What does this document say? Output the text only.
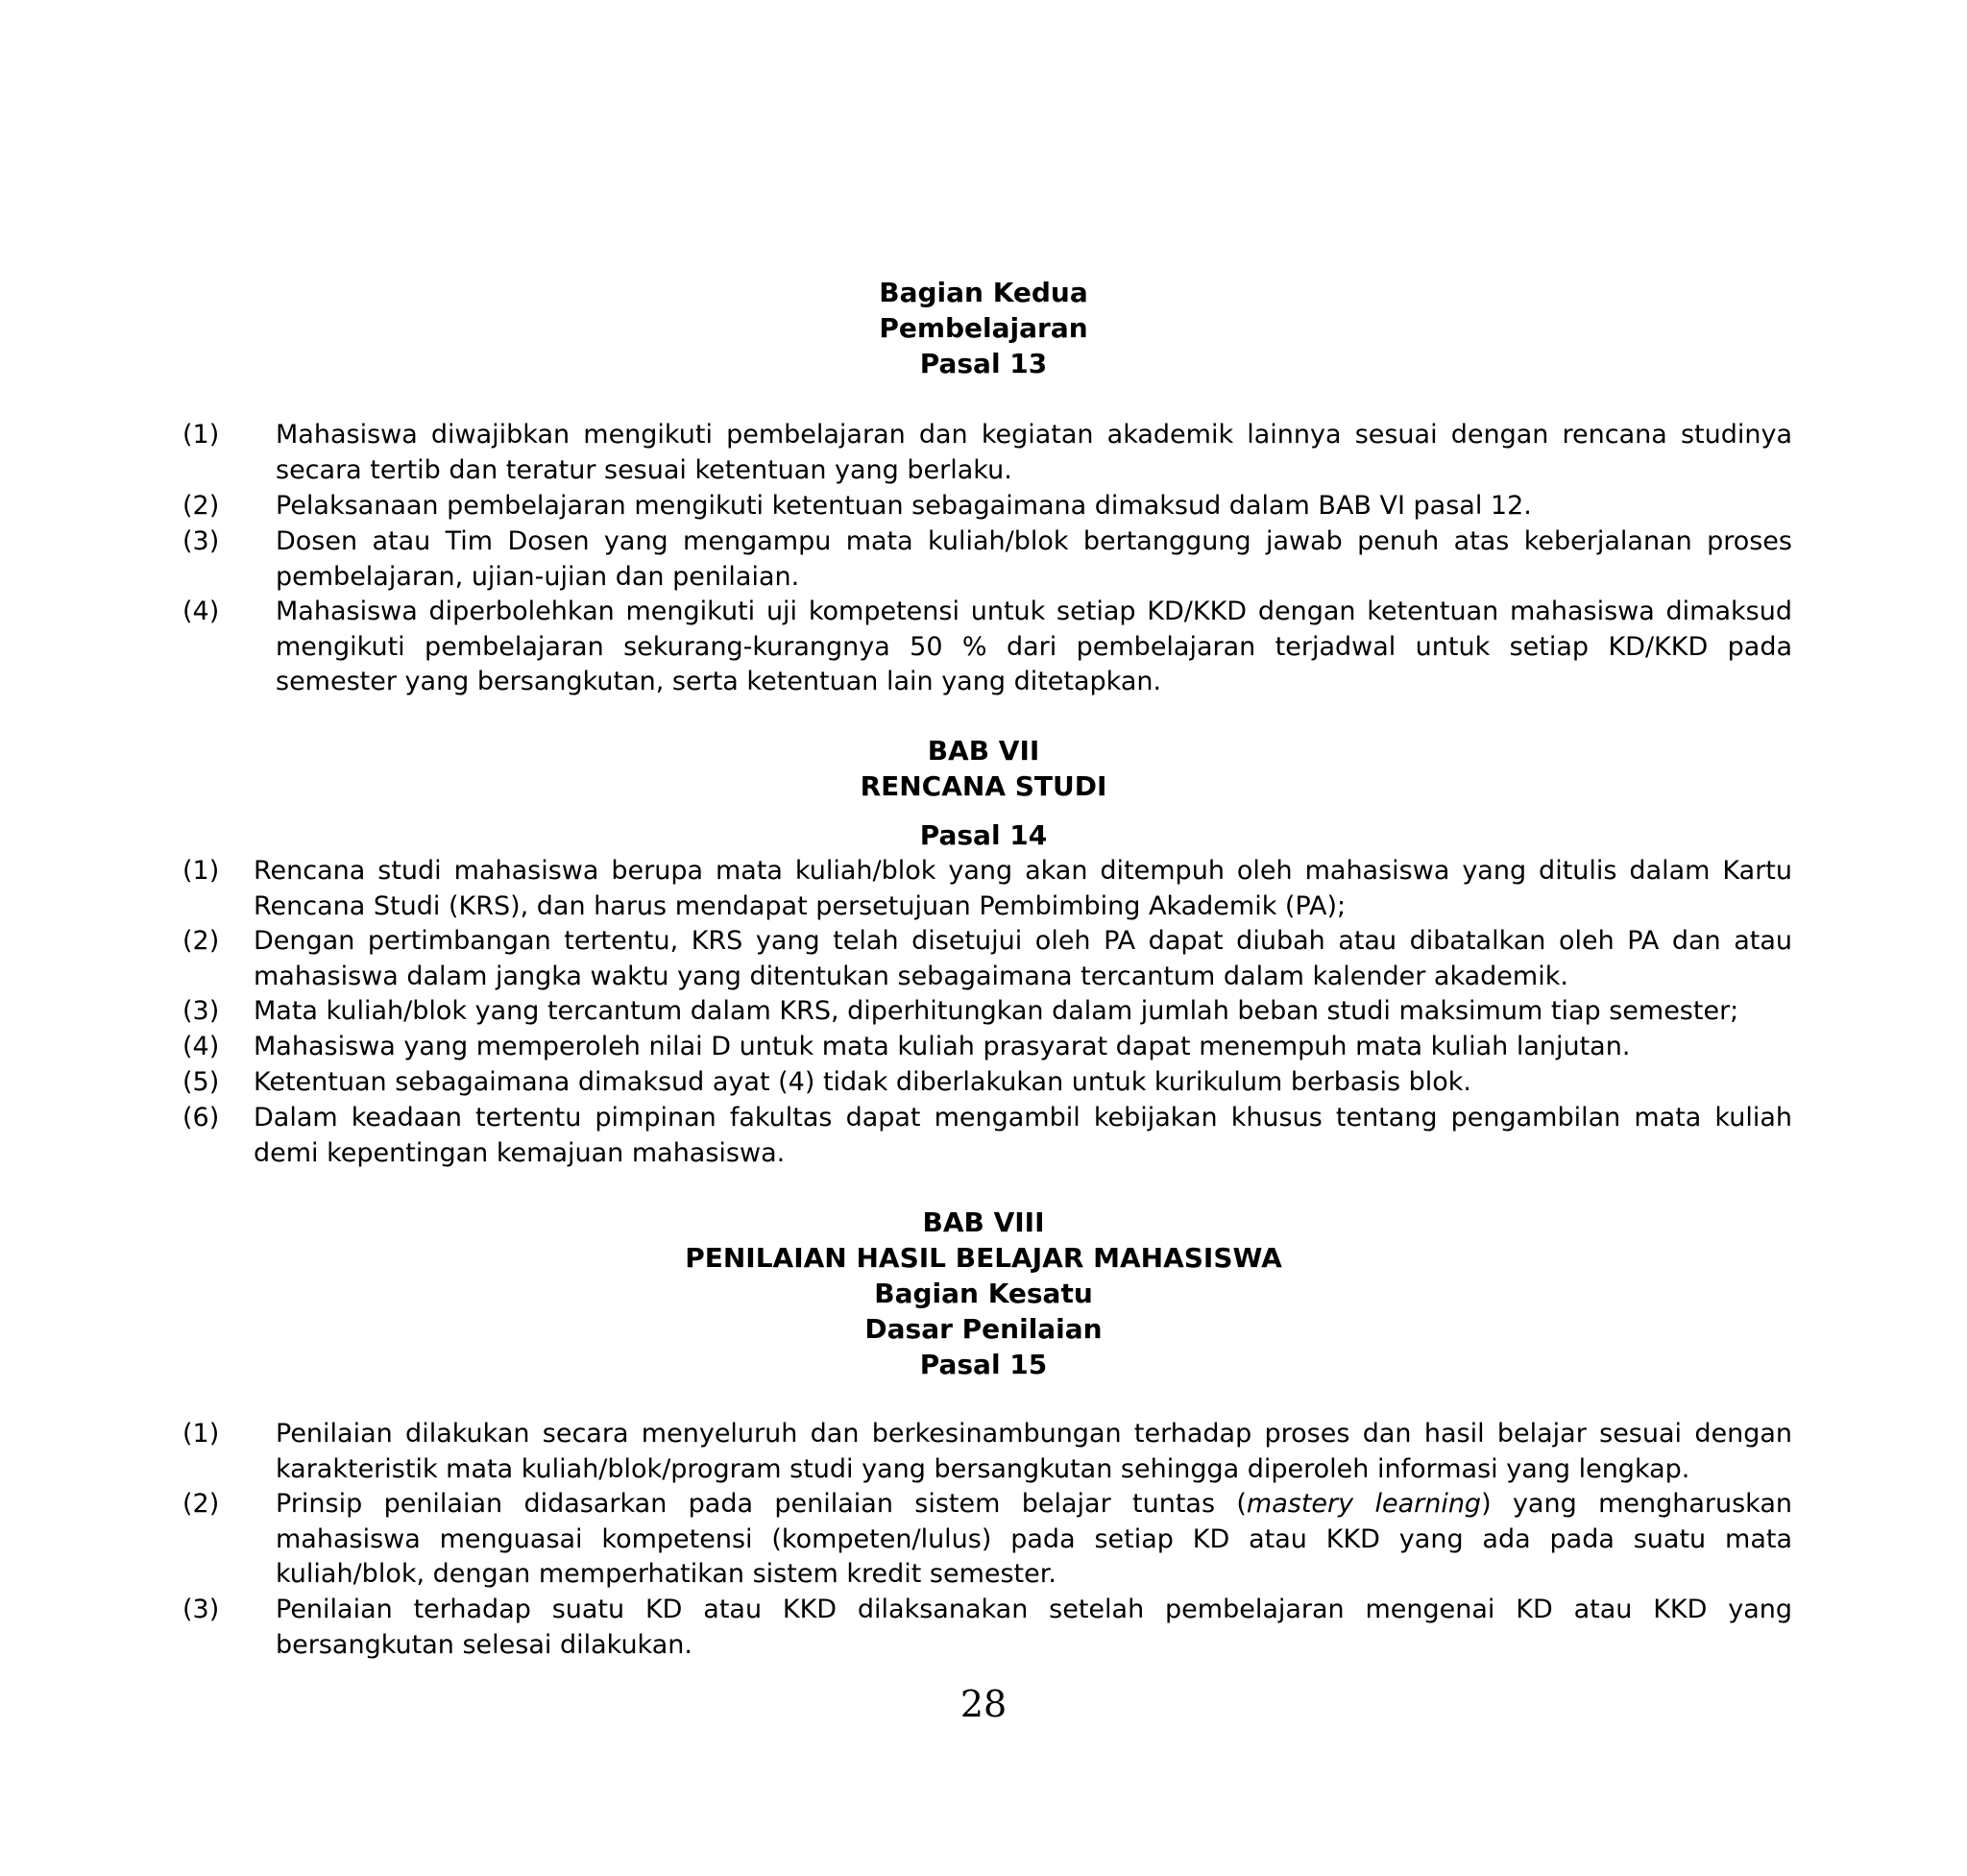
Bagian Kedua
Pembelajaran
Pasal 13
(1) Mahasiswa diwajibkan mengikuti pembelajaran dan kegiatan akademik lainnya sesuai dengan rencana studinya secara tertib dan teratur sesuai ketentuan yang berlaku.
(2) Pelaksanaan pembelajaran mengikuti ketentuan sebagaimana dimaksud dalam BAB VI pasal 12.
(3) Dosen atau Tim Dosen yang mengampu mata kuliah/blok bertanggung jawab penuh atas keberjalanan proses pembelajaran, ujian-ujian dan penilaian.
(4) Mahasiswa diperbolehkan mengikuti uji kompetensi untuk setiap KD/KKD dengan ketentuan mahasiswa dimaksud mengikuti pembelajaran sekurang-kurangnya 50 % dari pembelajaran terjadwal untuk setiap KD/KKD pada semester yang bersangkutan, serta ketentuan lain yang ditetapkan.
BAB VII
RENCANA STUDI
Pasal 14
(1) Rencana studi mahasiswa berupa mata kuliah/blok yang akan ditempuh oleh mahasiswa yang ditulis dalam Kartu Rencana Studi (KRS), dan harus mendapat persetujuan Pembimbing Akademik (PA);
(2) Dengan pertimbangan tertentu, KRS yang telah disetujui oleh PA dapat diubah atau dibatalkan oleh PA dan atau mahasiswa dalam jangka waktu yang ditentukan sebagaimana tercantum dalam kalender akademik.
(3) Mata kuliah/blok yang tercantum dalam KRS, diperhitungkan dalam jumlah beban studi maksimum tiap semester;
(4) Mahasiswa yang memperoleh nilai D untuk mata kuliah prasyarat dapat menempuh mata kuliah lanjutan.
(5) Ketentuan sebagaimana dimaksud ayat (4) tidak diberlakukan untuk kurikulum berbasis blok.
(6) Dalam keadaan tertentu pimpinan fakultas dapat mengambil kebijakan khusus tentang pengambilan mata kuliah demi kepentingan kemajuan mahasiswa.
BAB VIII
PENILAIAN HASIL BELAJAR MAHASISWA
Bagian Kesatu
Dasar Penilaian
Pasal 15
(1) Penilaian dilakukan secara menyeluruh dan berkesinambungan terhadap proses dan hasil belajar sesuai dengan karakteristik mata kuliah/blok/program studi yang bersangkutan sehingga diperoleh informasi yang lengkap.
(2) Prinsip penilaian didasarkan pada penilaian sistem belajar tuntas (mastery learning) yang mengharuskan mahasiswa menguasai kompetensi (kompeten/lulus) pada setiap KD atau KKD yang ada pada suatu mata kuliah/blok, dengan memperhatikan sistem kredit semester.
(3) Penilaian terhadap suatu KD atau KKD dilaksanakan setelah pembelajaran mengenai KD atau KKD yang bersangkutan selesai dilakukan.
28
